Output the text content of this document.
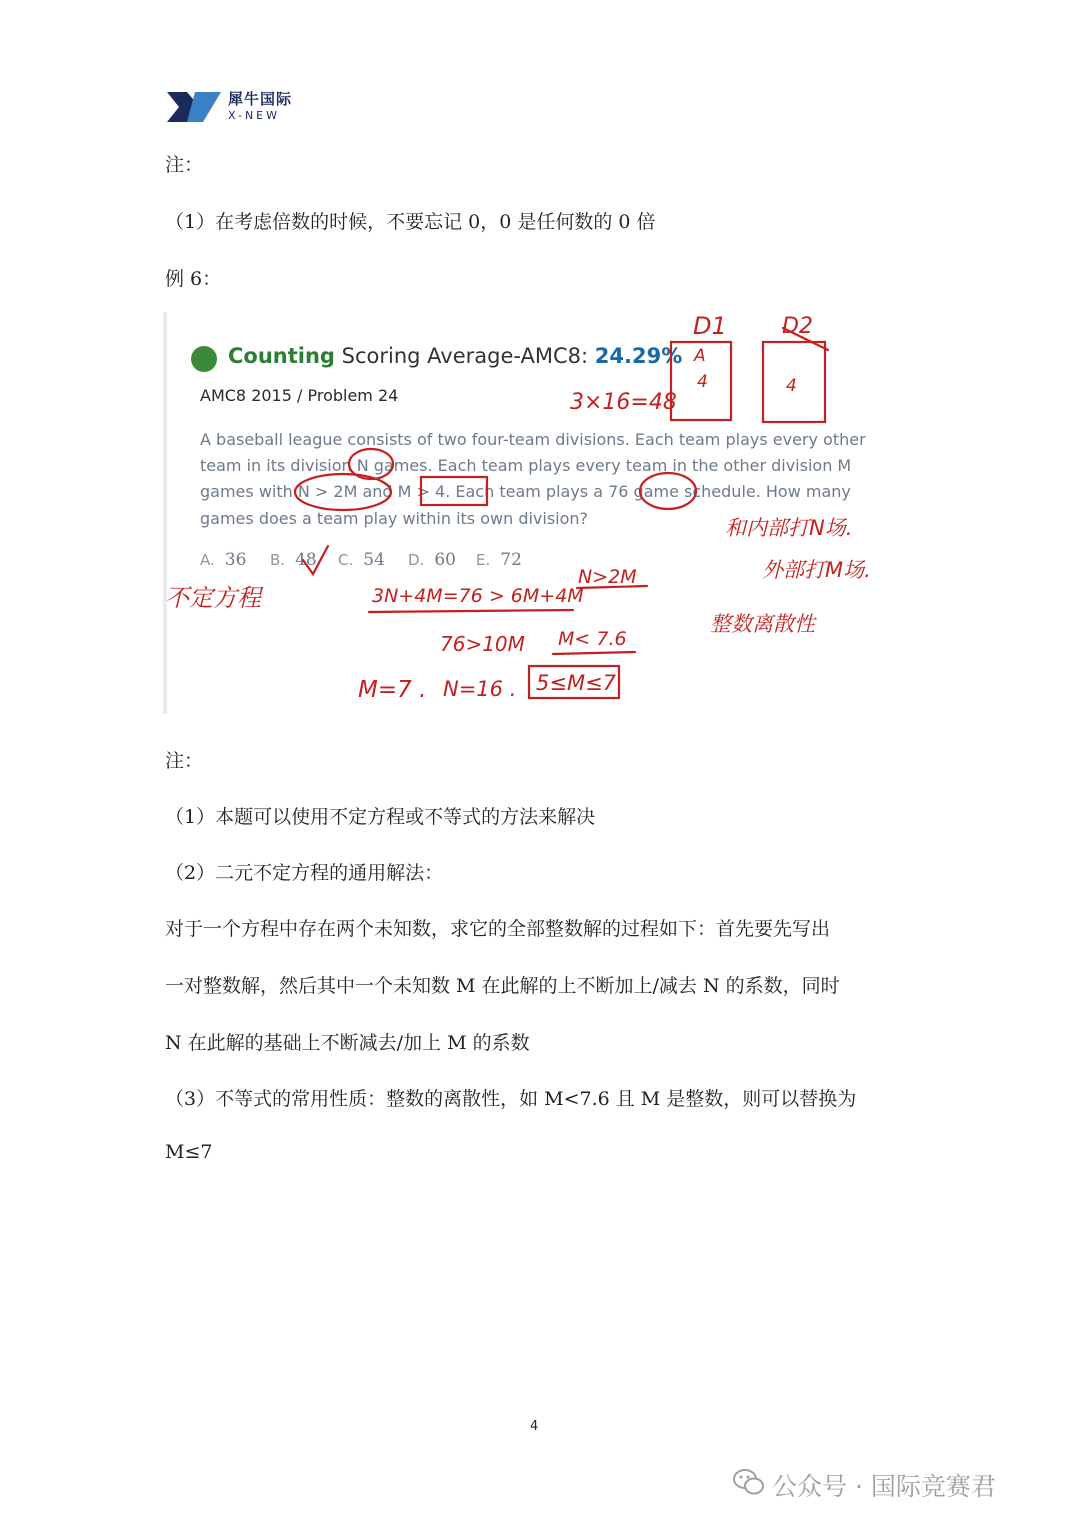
犀牛国际
X-NEW
注：
（1）在考虑倍数的时候，不要忘记 0，0 是任何数的 0 倍
例 6：
Counting Scoring Average-AMC8: 24.29%
AMC8 2015 / Problem 24
A baseball league consists of two four-team divisions. Each team plays every other
team in its division N games. Each team plays every team in the other division M
games with N > 2M and M > 4. Each team plays a 76 game schedule. How many
games does a team play within its own division?
A. 36 B. 48 C. 54 D. 60 E. 72
D1	D2
A
4	4
3×16=48
不定方程
和内部打N场.
外部打M场.
整数离散性
3N+4M=76 > 6M+4M
N>2M
76>10M M< 7.6
M=7 . N=16 . 5≤M≤7
注：
（1）本题可以使用不定方程或不等式的方法来解决
（2）二元不定方程的通用解法：
对于一个方程中存在两个未知数，求它的全部整数解的过程如下：首先要先写出
一对整数解，然后其中一个未知数 M 在此解的上不断加上/减去 N 的系数，同时
N 在此解的基础上不断减去/加上 M 的系数
（3）不等式的常用性质：整数的离散性，如 M<7.6 且 M 是整数，则可以替换为
M≤7
4
公众号 · 国际竞赛君
